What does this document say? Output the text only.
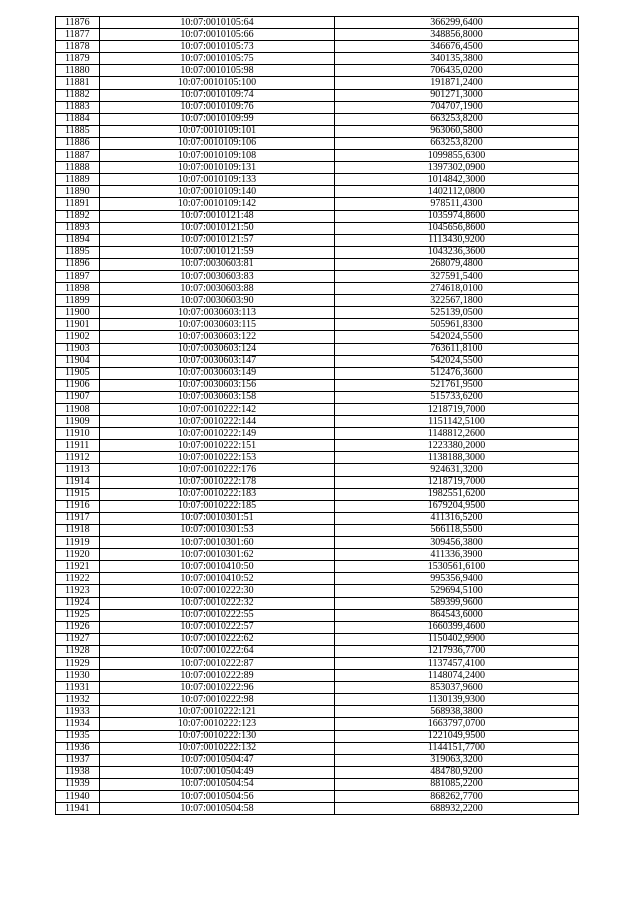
11876	10:07:0010105:64	366299,6400
11877	10:07:0010105:66	348856,8000
11878	10:07:0010105:73	346676,4500
11879	10:07:0010105:75	340135,3800
11880	10:07:0010105:98	706435,0200
11881	10:07:0010105:100	191871,2400
11882	10:07:0010109:74	901271,3000
11883	10:07:0010109:76	704707,1900
11884	10:07:0010109:99	663253,8200
11885	10:07:0010109:101	963060,5800
11886	10:07:0010109:106	663253,8200
11887	10:07:0010109:108	1099855,6300
11888	10:07:0010109:131	1397302,0900
11889	10:07:0010109:133	1014842,3000
11890	10:07:0010109:140	1402112,0800
11891	10:07:0010109:142	978511,4300
11892	10:07:0010121:48	1035974,8600
11893	10:07:0010121:50	1045656,8600
11894	10:07:0010121:57	1113430,9200
11895	10:07:0010121:59	1043236,3600
11896	10:07:0030603:81	268079,4800
11897	10:07:0030603:83	327591,5400
11898	10:07:0030603:88	274618,0100
11899	10:07:0030603:90	322567,1800
11900	10:07:0030603:113	525139,0500
11901	10:07:0030603:115	505961,8300
11902	10:07:0030603:122	542024,5500
11903	10:07:0030603:124	763611,8100
11904	10:07:0030603:147	542024,5500
11905	10:07:0030603:149	512476,3600
11906	10:07:0030603:156	521761,9500
11907	10:07:0030603:158	515733,6200
11908	10:07:0010222:142	1218719,7000
11909	10:07:0010222:144	1151142,5100
11910	10:07:0010222:149	1148812,2600
11911	10:07:0010222:151	1223380,2000
11912	10:07:0010222:153	1138188,3000
11913	10:07:0010222:176	924631,3200
11914	10:07:0010222:178	1218719,7000
11915	10:07:0010222:183	1982551,6200
11916	10:07:0010222:185	1679204,9500
11917	10:07:0010301:51	411316,5200
11918	10:07:0010301:53	566118,5500
11919	10:07:0010301:60	309456,3800
11920	10:07:0010301:62	411336,3900
11921	10:07:0010410:50	1530561,6100
11922	10:07:0010410:52	995356,9400
11923	10:07:0010222:30	529694,5100
11924	10:07:0010222:32	589399,9600
11925	10:07:0010222:55	864543,6000
11926	10:07:0010222:57	1660399,4600
11927	10:07:0010222:62	1150402,9900
11928	10:07:0010222:64	1217936,7700
11929	10:07:0010222:87	1137457,4100
11930	10:07:0010222:89	1148074,2400
11931	10:07:0010222:96	853037,9600
11932	10:07:0010222:98	1130139,9300
11933	10:07:0010222:121	568938,3800
11934	10:07:0010222:123	1663797,0700
11935	10:07:0010222:130	1221049,9500
11936	10:07:0010222:132	1144151,7700
11937	10:07:0010504:47	319063,3200
11938	10:07:0010504:49	484780,9200
11939	10:07:0010504:54	881085,2200
11940	10:07:0010504:56	868262,7700
11941	10:07:0010504:58	688932,2200
